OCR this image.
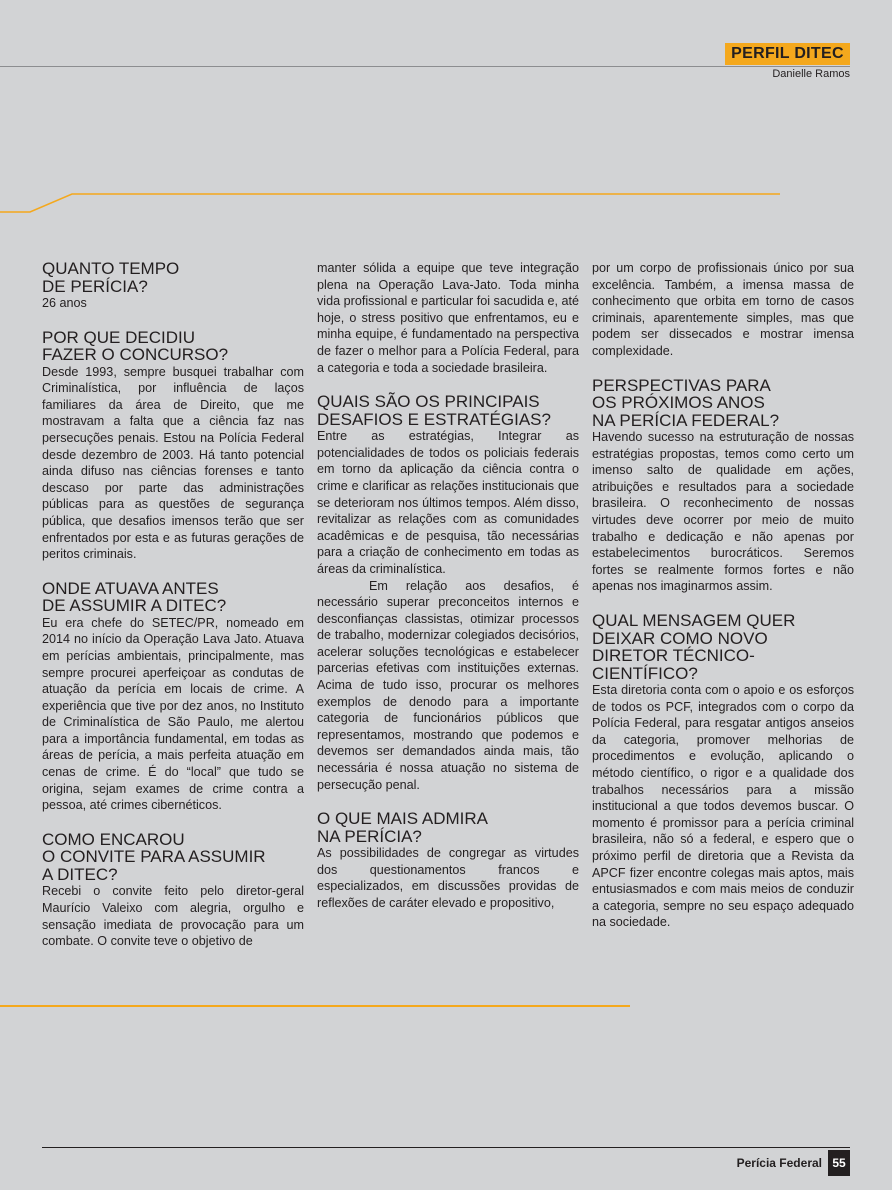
PERFIL DITEC
Danielle Ramos
QUANTO TEMPO
DE PERÍCIA?

26 anos

POR QUE DECIDIU
FAZER O CONCURSO?

Desde 1993, sempre busquei trabalhar com Criminalística, por influência de laços familiares da área de Direito, que me mostravam a falta que a ciência faz nas persecuções penais. Estou na Polícia Federal desde dezembro de 2003. Há tanto potencial ainda difuso nas ciências forenses e tanto descaso por parte das administrações públicas para as questões de segurança pública, que desafios imensos terão que ser enfrentados por esta e as futuras gerações de peritos criminais.

ONDE ATUAVA ANTES
DE ASSUMIR A DITEC?

Eu era chefe do SETEC/PR, nomeado em 2014 no início da Operação Lava Jato. Atuava em perícias ambientais, principalmente, mas sempre procurei aperfeiçoar as condutas de atuação da perícia em locais de crime. A experiência que tive por dez anos, no Instituto de Criminalística de São Paulo, me alertou para a importância fundamental, em todas as áreas de perícia, a mais perfeita atuação em cenas de crime. É do “local” que tudo se origina, sejam exames de crime contra a pessoa, até crimes cibernéticos.

COMO ENCAROU
O CONVITE PARA ASSUMIR
A DITEC?

Recebi o convite feito pelo diretor-geral Maurício Valeixo com alegria, orgulho e sensação imediata de provocação para um combate. O convite teve o objetivo de

manter sólida a equipe que teve integração plena na Operação Lava-Jato. Toda minha vida profissional e particular foi sacudida e, até hoje, o stress positivo que enfrentamos, eu e minha equipe, é fundamentado na perspectiva de fazer o melhor para a Polícia Federal, para a categoria e toda a sociedade brasileira.

QUAIS SÃO OS PRINCIPAIS
DESAFIOS E ESTRATÉGIAS?

Entre as estratégias, Integrar as potencialidades de todos os policiais federais em torno da aplicação da ciência contra o crime e clarificar as relações institucionais que se deterioram nos últimos tempos. Além disso, revitalizar as relações com as comunidades acadêmicas e de pesquisa, tão necessárias para a criação de conhecimento em todas as áreas da criminalística.

Em relação aos desafios, é necessário superar preconceitos internos e desconfianças classistas, otimizar processos de trabalho, modernizar colegiados decisórios, acelerar soluções tecnológicas e estabelecer parcerias efetivas com instituições externas. Acima de tudo isso, procurar os melhores exemplos de denodo para a importante categoria de funcionários públicos que representamos, mostrando que podemos e devemos ser demandados ainda mais, tão necessária é nossa atuação no sistema de persecução penal.

O QUE MAIS ADMIRA
NA PERÍCIA?

As possibilidades de congregar as virtudes dos questionamentos francos e especializados, em discussões providas de reflexões de caráter elevado e propositivo,

por um corpo de profissionais único por sua excelência. Também, a imensa massa de conhecimento que orbita em torno de casos criminais, aparentemente simples, mas que podem ser dissecados e mostrar imensa complexidade.

PERSPECTIVAS PARA
OS PRÓXIMOS ANOS
NA PERÍCIA FEDERAL?

Havendo sucesso na estruturação de nossas estratégias propostas, temos como certo um imenso salto de qualidade em ações, atribuições e resultados para a sociedade brasileira. O reconhecimento de nossas virtudes deve ocorrer por meio de muito trabalho e dedicação e não apenas por estabelecimentos burocráticos. Seremos fortes se realmente formos fortes e não apenas nos imaginarmos assim.

QUAL MENSAGEM QUER
DEIXAR COMO NOVO
DIRETOR TÉCNICO-CIENTÍFICO?

Esta diretoria conta com o apoio e os esforços de todos os PCF, integrados com o corpo da Polícia Federal, para resgatar antigos anseios da categoria, promover melhorias de procedimentos e evolução, aplicando o método científico, o rigor e a qualidade dos trabalhos necessários para a missão institucional a que todos devemos buscar. O momento é promissor para a perícia criminal brasileira, não só a federal, e espero que o próximo perfil de diretoria que a Revista da APCF fizer encontre colegas mais aptos, mais entusiasmados e com mais meios de conduzir a categoria, sempre no seu espaço adequado na sociedade.

Perícia Federal 55
